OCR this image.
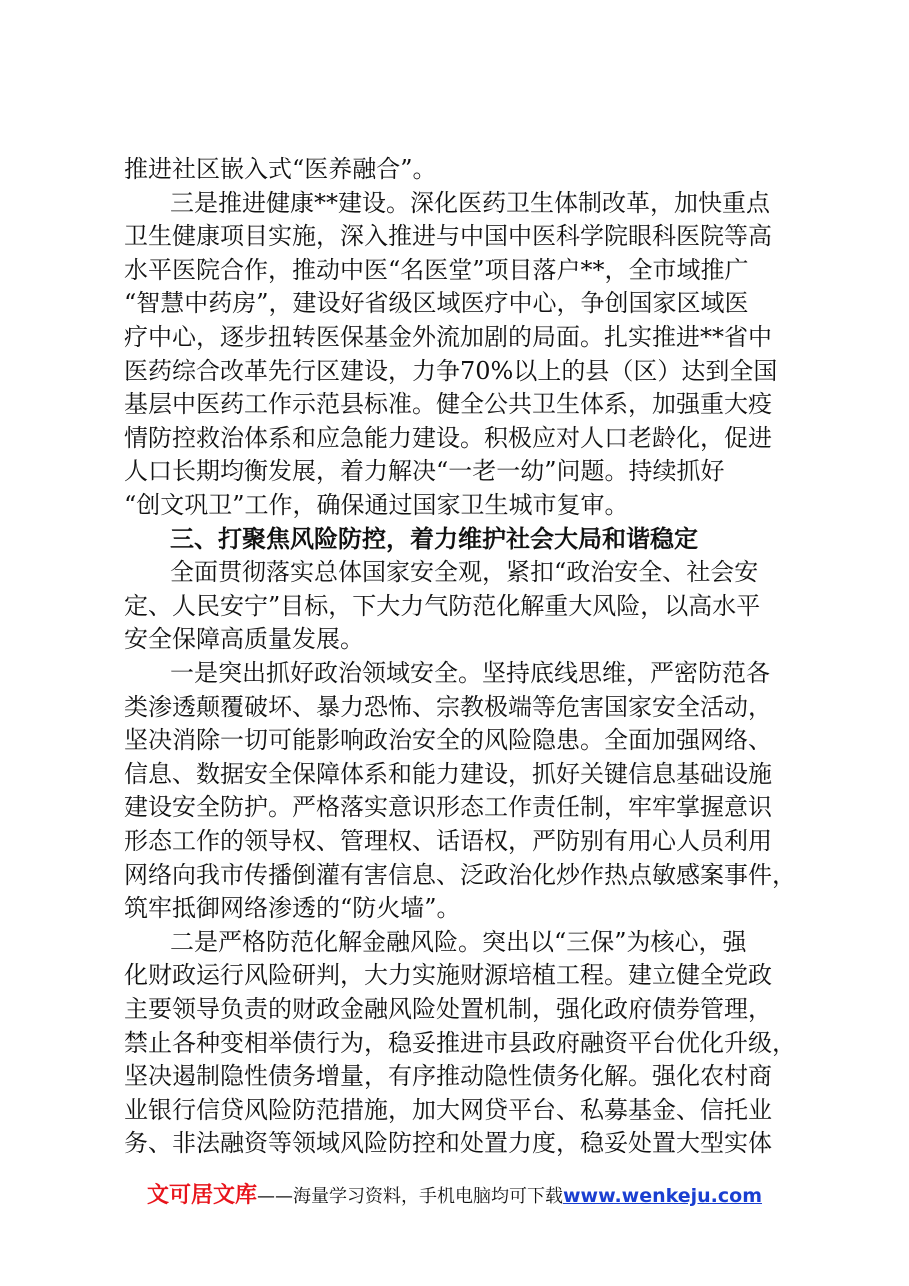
推进社区嵌入式“医养融合”。
三是推进健康**建设。深化医药卫生体制改革，加快重点
卫生健康项目实施，深入推进与中国中医科学院眼科医院等高
水平医院合作，推动中医“名医堂”项目落户**，全市域推广
“智慧中药房”，建设好省级区域医疗中心，争创国家区域医
疗中心，逐步扭转医保基金外流加剧的局面。扎实推进**省中
医药综合改革先行区建设，力争70%以上的县（区）达到全国
基层中医药工作示范县标准。健全公共卫生体系，加强重大疫
情防控救治体系和应急能力建设。积极应对人口老龄化，促进
人口长期均衡发展，着力解决“一老一幼”问题。持续抓好
“创文巩卫”工作，确保通过国家卫生城市复审。
三、打聚焦风险防控，着力维护社会大局和谐稳定
全面贯彻落实总体国家安全观，紧扣“政治安全、社会安
定、人民安宁”目标，下大力气防范化解重大风险，以高水平
安全保障高质量发展。
一是突出抓好政治领域安全。坚持底线思维，严密防范各
类渗透颠覆破坏、暴力恐怖、宗教极端等危害国家安全活动，
坚决消除一切可能影响政治安全的风险隐患。全面加强网络、
信息、数据安全保障体系和能力建设，抓好关键信息基础设施
建设安全防护。严格落实意识形态工作责任制，牢牢掌握意识
形态工作的领导权、管理权、话语权，严防别有用心人员利用
网络向我市传播倒灌有害信息、泛政治化炒作热点敏感案事件，
筑牢抵御网络渗透的“防火墙”。
二是严格防范化解金融风险。突出以“三保”为核心，强
化财政运行风险研判，大力实施财源培植工程。建立健全党政
主要领导负责的财政金融风险处置机制，强化政府债券管理，
禁止各种变相举债行为，稳妥推进市县政府融资平台优化升级，
坚决遏制隐性债务增量，有序推动隐性债务化解。强化农村商
业银行信贷风险防范措施，加大网贷平台、私募基金、信托业
务、非法融资等领域风险防控和处置力度，稳妥处置大型实体
文可居文库——海量学习资料，手机电脑均可下载www.wenkeju.com
